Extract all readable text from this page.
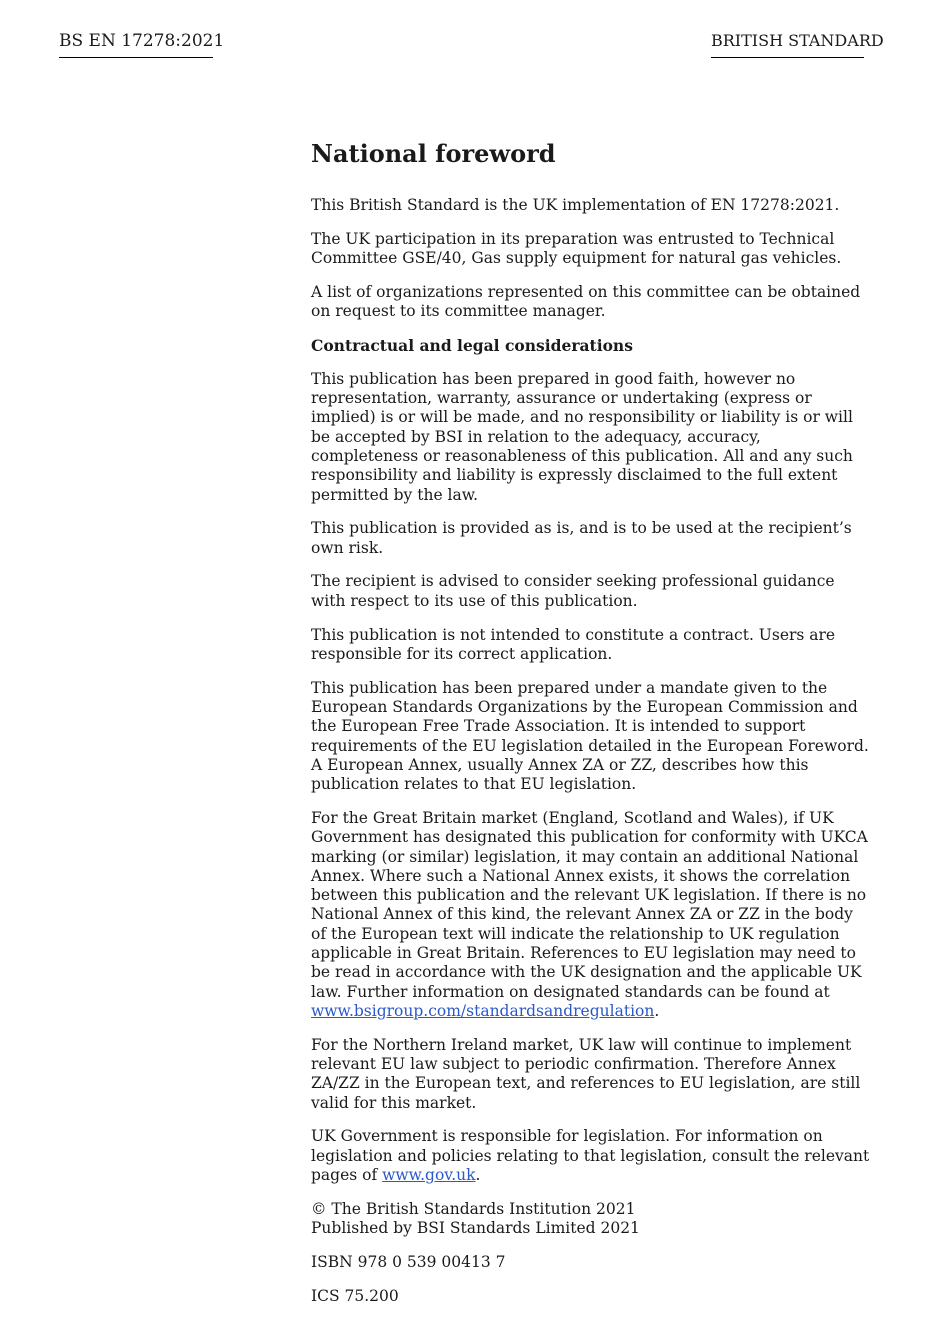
BS EN 17278:2021	BRITISH STANDARD
National foreword

This British Standard is the UK implementation of EN 17278:2021.

The UK participation in its preparation was entrusted to Technical Committee GSE/40, Gas supply equipment for natural gas vehicles.

A list of organizations represented on this committee can be obtained on request to its committee manager.

Contractual and legal considerations

This publication has been prepared in good faith, however no representation, warranty, assurance or undertaking (express or implied) is or will be made, and no responsibility or liability is or will be accepted by BSI in relation to the adequacy, accuracy, completeness or reasonableness of this publication. All and any such responsibility and liability is expressly disclaimed to the full extent permitted by the law.

This publication is provided as is, and is to be used at the recipient’s own risk.

The recipient is advised to consider seeking professional guidance with respect to its use of this publication.

This publication is not intended to constitute a contract. Users are responsible for its correct application.

This publication has been prepared under a mandate given to the European Standards Organizations by the European Commission and the European Free Trade Association. It is intended to support requirements of the EU legislation detailed in the European Foreword. A European Annex, usually Annex ZA or ZZ, describes how this publication relates to that EU legislation.

For the Great Britain market (England, Scotland and Wales), if UK Government has designated this publication for conformity with UKCA marking (or similar) legislation, it may contain an additional National Annex. Where such a National Annex exists, it shows the correlation between this publication and the relevant UK legislation. If there is no National Annex of this kind, the relevant Annex ZA or ZZ in the body of the European text will indicate the relationship to UK regulation applicable in Great Britain. References to EU legislation may need to be read in accordance with the UK designation and the applicable UK law. Further information on designated standards can be found at www.bsigroup.com/standardsandregulation.

For the Northern Ireland market, UK law will continue to implement relevant EU law subject to periodic confirmation. Therefore Annex ZA/ZZ in the European text, and references to EU legislation, are still valid for this market.

UK Government is responsible for legislation. For information on legislation and policies relating to that legislation, consult the relevant pages of www.gov.uk.

© The British Standards Institution 2021
Published by BSI Standards Limited 2021

ISBN 978 0 539 00413 7

ICS 75.200
